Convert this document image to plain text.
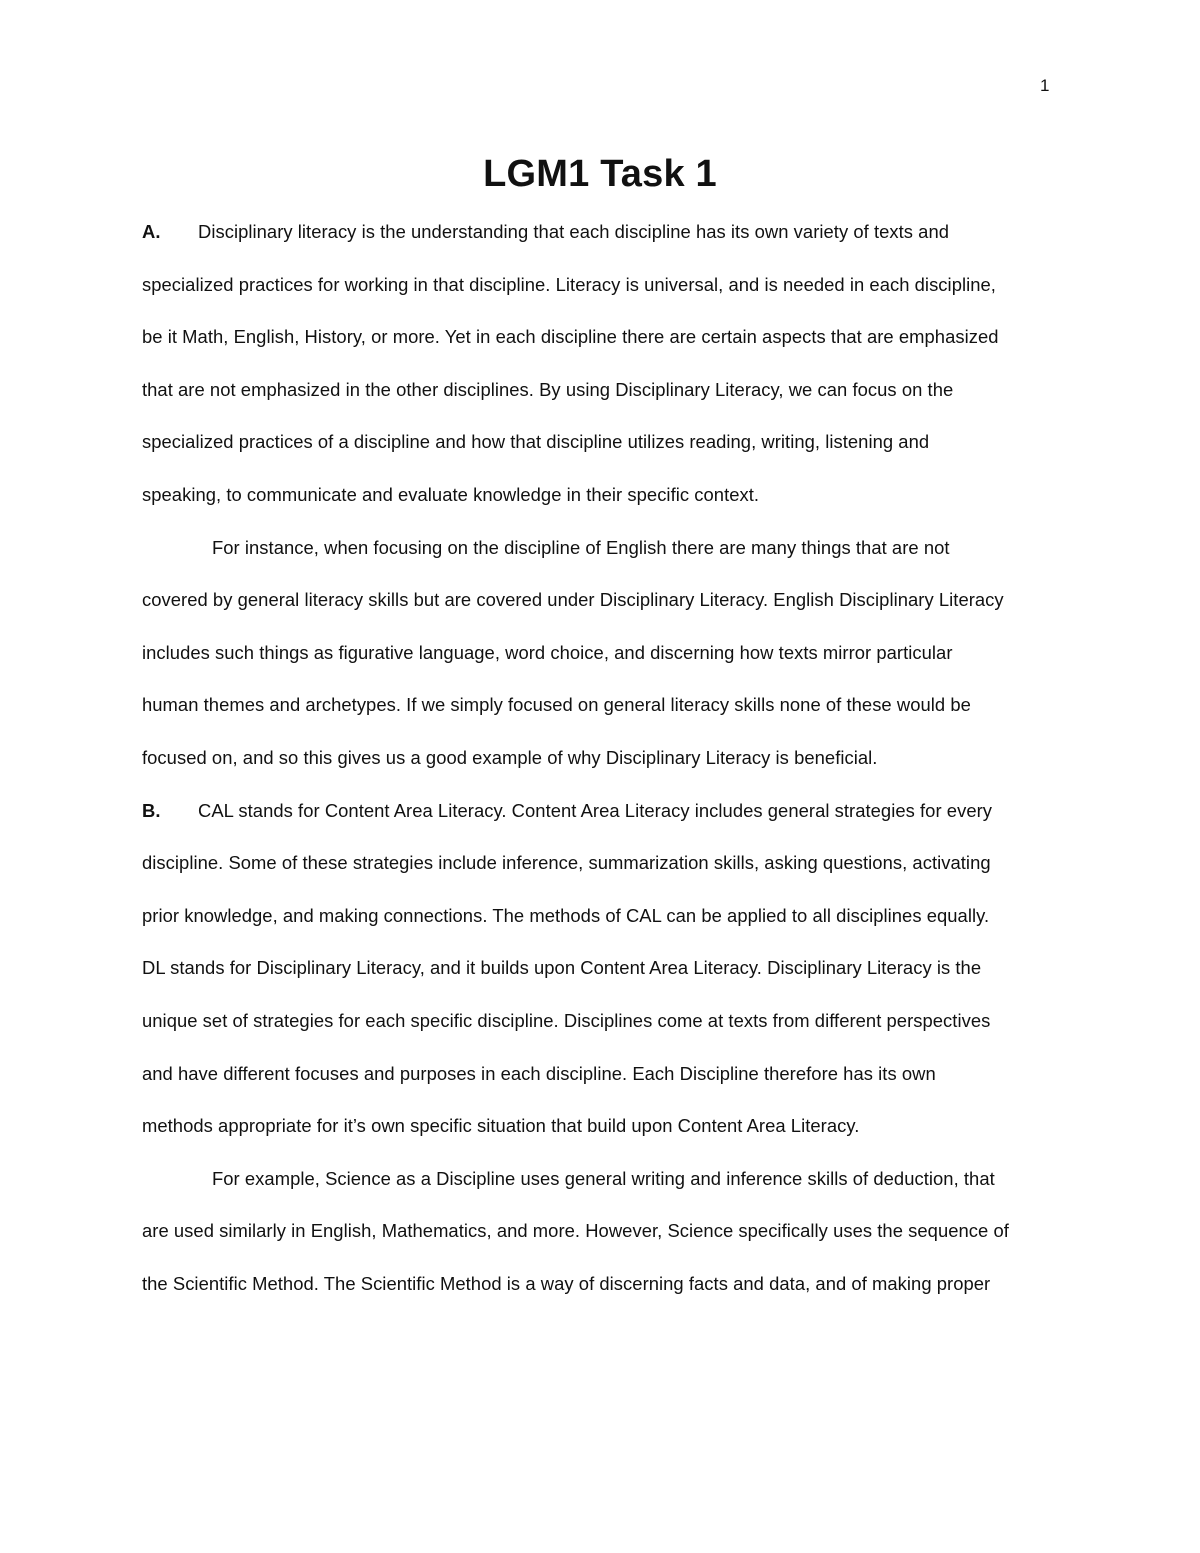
1
LGM1 Task 1

A. Disciplinary literacy is the understanding that each discipline has its own variety of texts and

specialized practices for working in that discipline. Literacy is universal, and is needed in each discipline,

be it Math, English, History, or more. Yet in each discipline there are certain aspects that are emphasized

that are not emphasized in the other disciplines. By using Disciplinary Literacy, we can focus on the

specialized practices of a discipline and how that discipline utilizes reading, writing, listening and

speaking, to communicate and evaluate knowledge in their specific context.

For instance, when focusing on the discipline of English there are many things that are not

covered by general literacy skills but are covered under Disciplinary Literacy. English Disciplinary Literacy

includes such things as figurative language, word choice, and discerning how texts mirror particular

human themes and archetypes. If we simply focused on general literacy skills none of these would be

focused on, and so this gives us a good example of why Disciplinary Literacy is beneficial.

B. CAL stands for Content Area Literacy. Content Area Literacy includes general strategies for every

discipline. Some of these strategies include inference, summarization skills, asking questions, activating

prior knowledge, and making connections. The methods of CAL can be applied to all disciplines equally.

DL stands for Disciplinary Literacy, and it builds upon Content Area Literacy. Disciplinary Literacy is the

unique set of strategies for each specific discipline. Disciplines come at texts from different perspectives

and have different focuses and purposes in each discipline. Each Discipline therefore has its own

methods appropriate for it’s own specific situation that build upon Content Area Literacy.

For example, Science as a Discipline uses general writing and inference skills of deduction, that

are used similarly in English, Mathematics, and more. However, Science specifically uses the sequence of

the Scientific Method. The Scientific Method is a way of discerning facts and data, and of making proper
